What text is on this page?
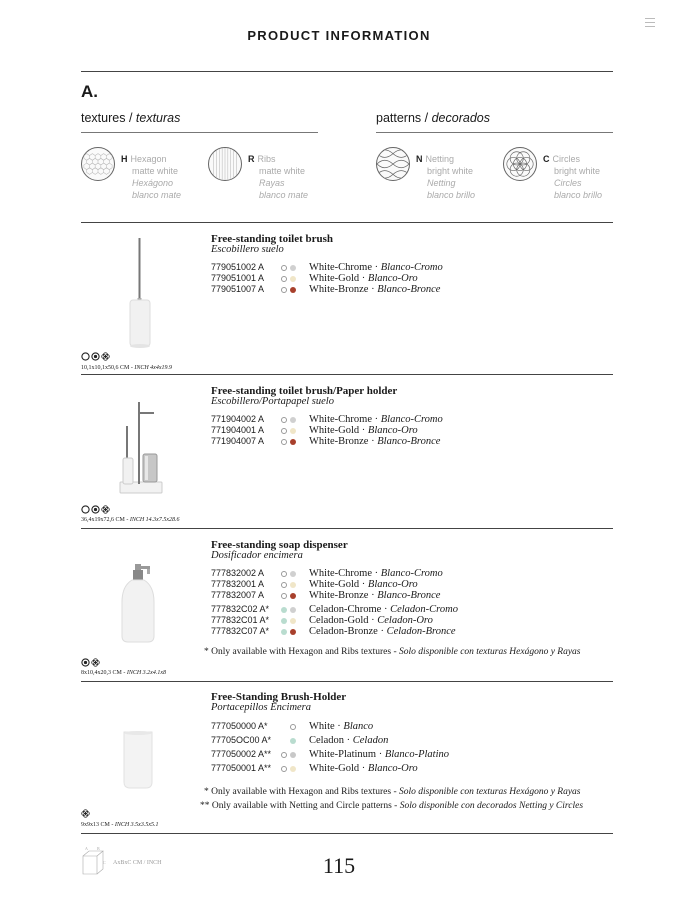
PRODUCT INFORMATION
A.
textures / texturas	patterns / decorados
H Hexagon
matte white
Hexágono
blanco mate
R Ribs
matte white
Rayas
blanco mate
N Netting
bright white
Netting
blanco brillo
C Circles
bright white
Circles
blanco brillo
Free-standing toilet brush
Escobillero suelo
779051002 A	White-Chrome · Blanco-Cromo
779051001 A	White-Gold · Blanco-Oro
779051007 A	White-Bronze · Blanco-Bronce
10,1x10,1x50,6 CM - INCH 4x4x19.9
Free-standing toilet brush/Paper holder
Escobillero/Portapapel suelo
771904002 A	White-Chrome · Blanco-Cromo
771904001 A	White-Gold · Blanco-Oro
771904007 A	White-Bronze · Blanco-Bronce
36,4x19x72,6 CM - INCH 14.3x7.5x28.6
Free-standing soap dispenser
Dosificador encimera
777832002 A	White-Chrome · Blanco-Cromo
777832001 A	White-Gold · Blanco-Oro
777832007 A	White-Bronze · Blanco-Bronce
777832C02 A*	Celadon-Chrome · Celadon-Cromo
777832C01 A*	Celadon-Gold · Celadon-Oro
777832C07 A*	Celadon-Bronze · Celadon-Bronce
* Only available with Hexagon and Ribs textures - Solo disponible con texturas Hexágono y Rayas
8x10,4x20,3 CM - INCH 3.2x4.1x8
Free-Standing Brush-Holder
Portacepillos Encimera
777050000 A*	White · Blanco
77705OC00 A*	Celadon · Celadon
777050002 A**	White-Platinum · Blanco-Platino
777050001 A**	White-Gold · Blanco-Oro
* Only available with Hexagon and Ribs textures - Solo disponible con texturas Hexágono y Rayas
** Only available with Netting and Circle patterns - Solo disponible con decorados Netting y Circles
9x9x13 CM - INCH 3.5x3.5x5.1
A B
C AxBxC CM / INCH	115
